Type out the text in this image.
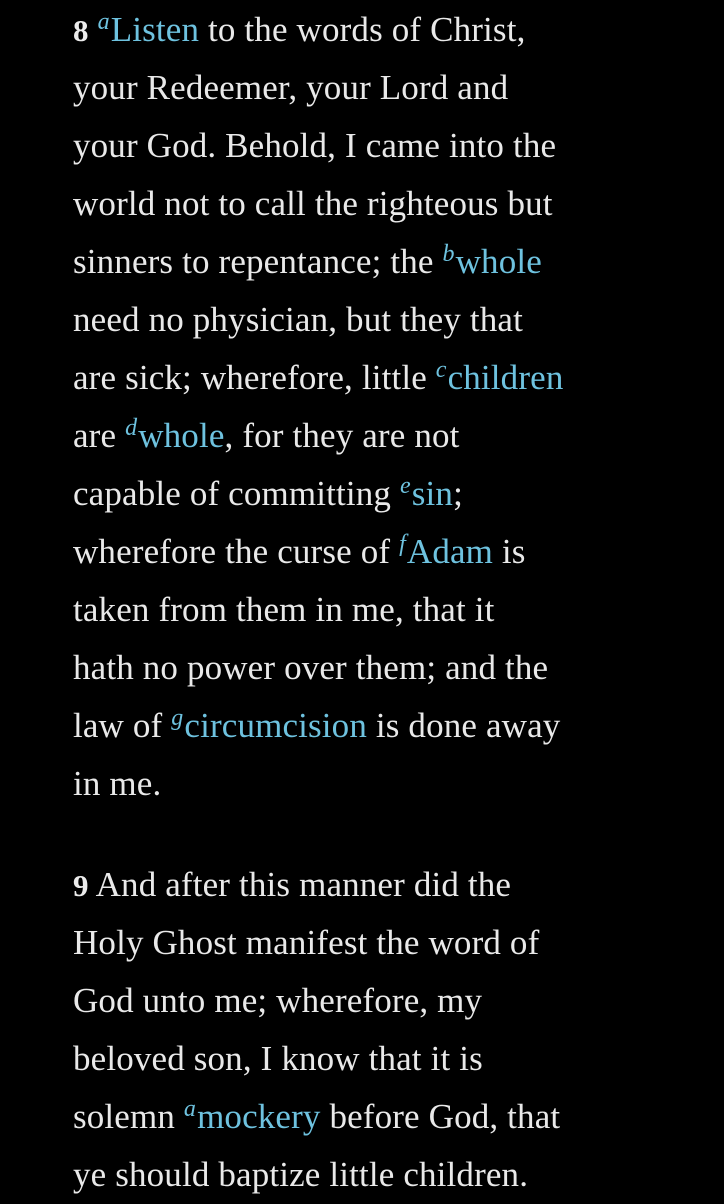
8 $^a$Listen to the words of Christ,
your Redeemer, your Lord and
your God. Behold, I came into the
world not to call the righteous but
sinners to repentance; the $^b$whole
need no physician, but they that
are sick; wherefore, little $^c$children
are $^d$whole, for they are not
capable of committing $^e$sin;
wherefore the curse of $^f$Adam is
taken from them in me, that it
hath no power over them; and the
law of $^g$circumcision is done away
in me.

9 And after this manner did the
Holy Ghost manifest the word of
God unto me; wherefore, my
beloved son, I know that it is
solemn $^a$mockery before God, that
ye should baptize little children.
